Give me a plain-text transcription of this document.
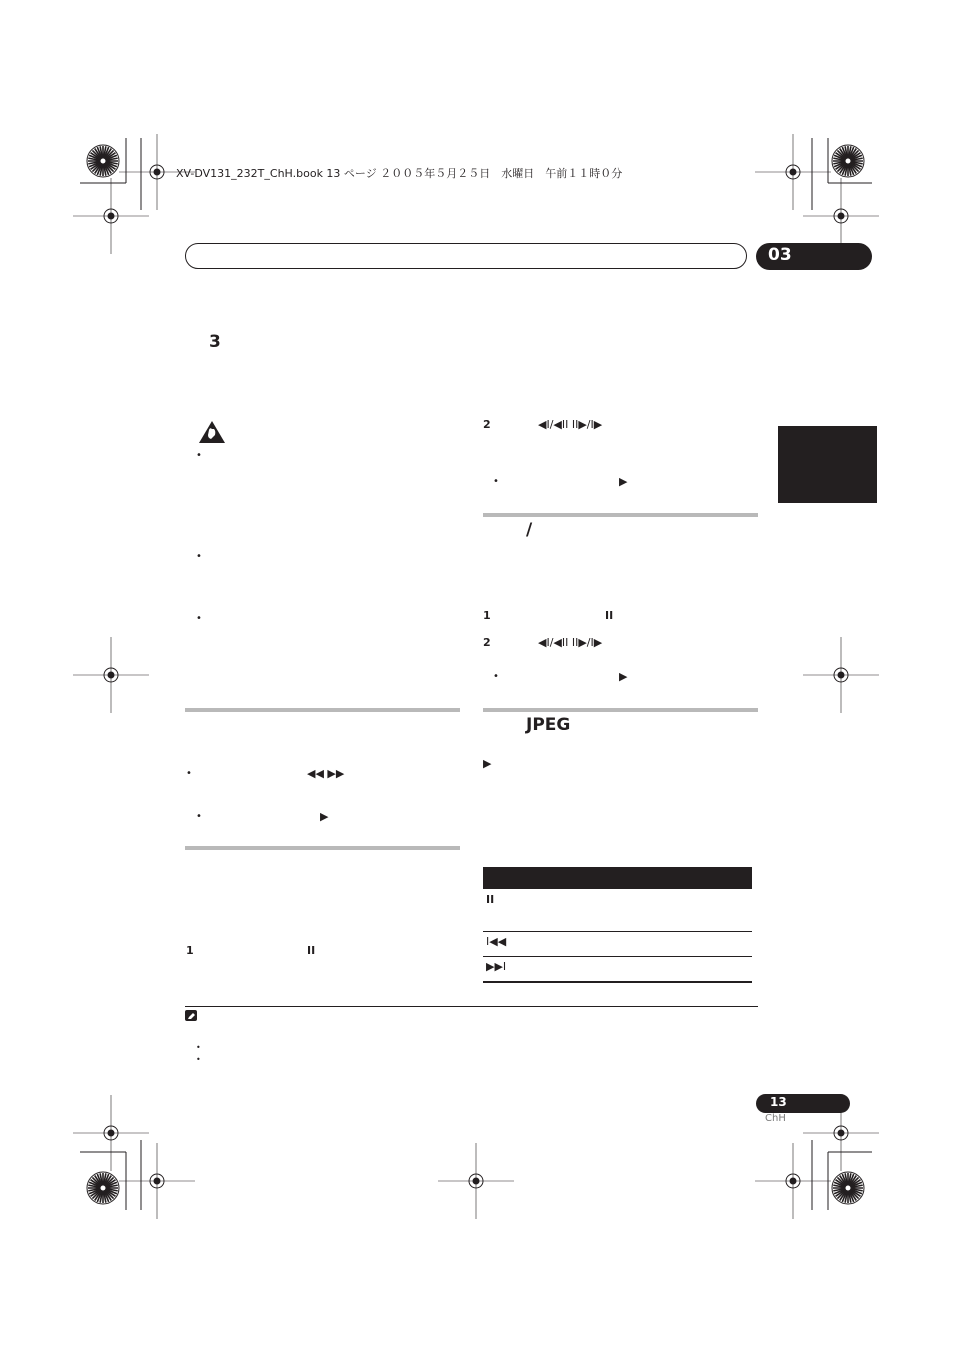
XV-DV131_232T_ChH.book 13 ページ ２００５年５月２５日　水曜日　午前１１時０分
03
3
•
•
•
•	◀◀ ▶▶
•	▶
1	II
2	◀I/◀II II▶/I▶
•	▶
/
1	II
2	◀I/◀II II▶/I▶
•	▶
JPEG
▶
II
I◀◀
▶▶I
•
•
13
ChH
